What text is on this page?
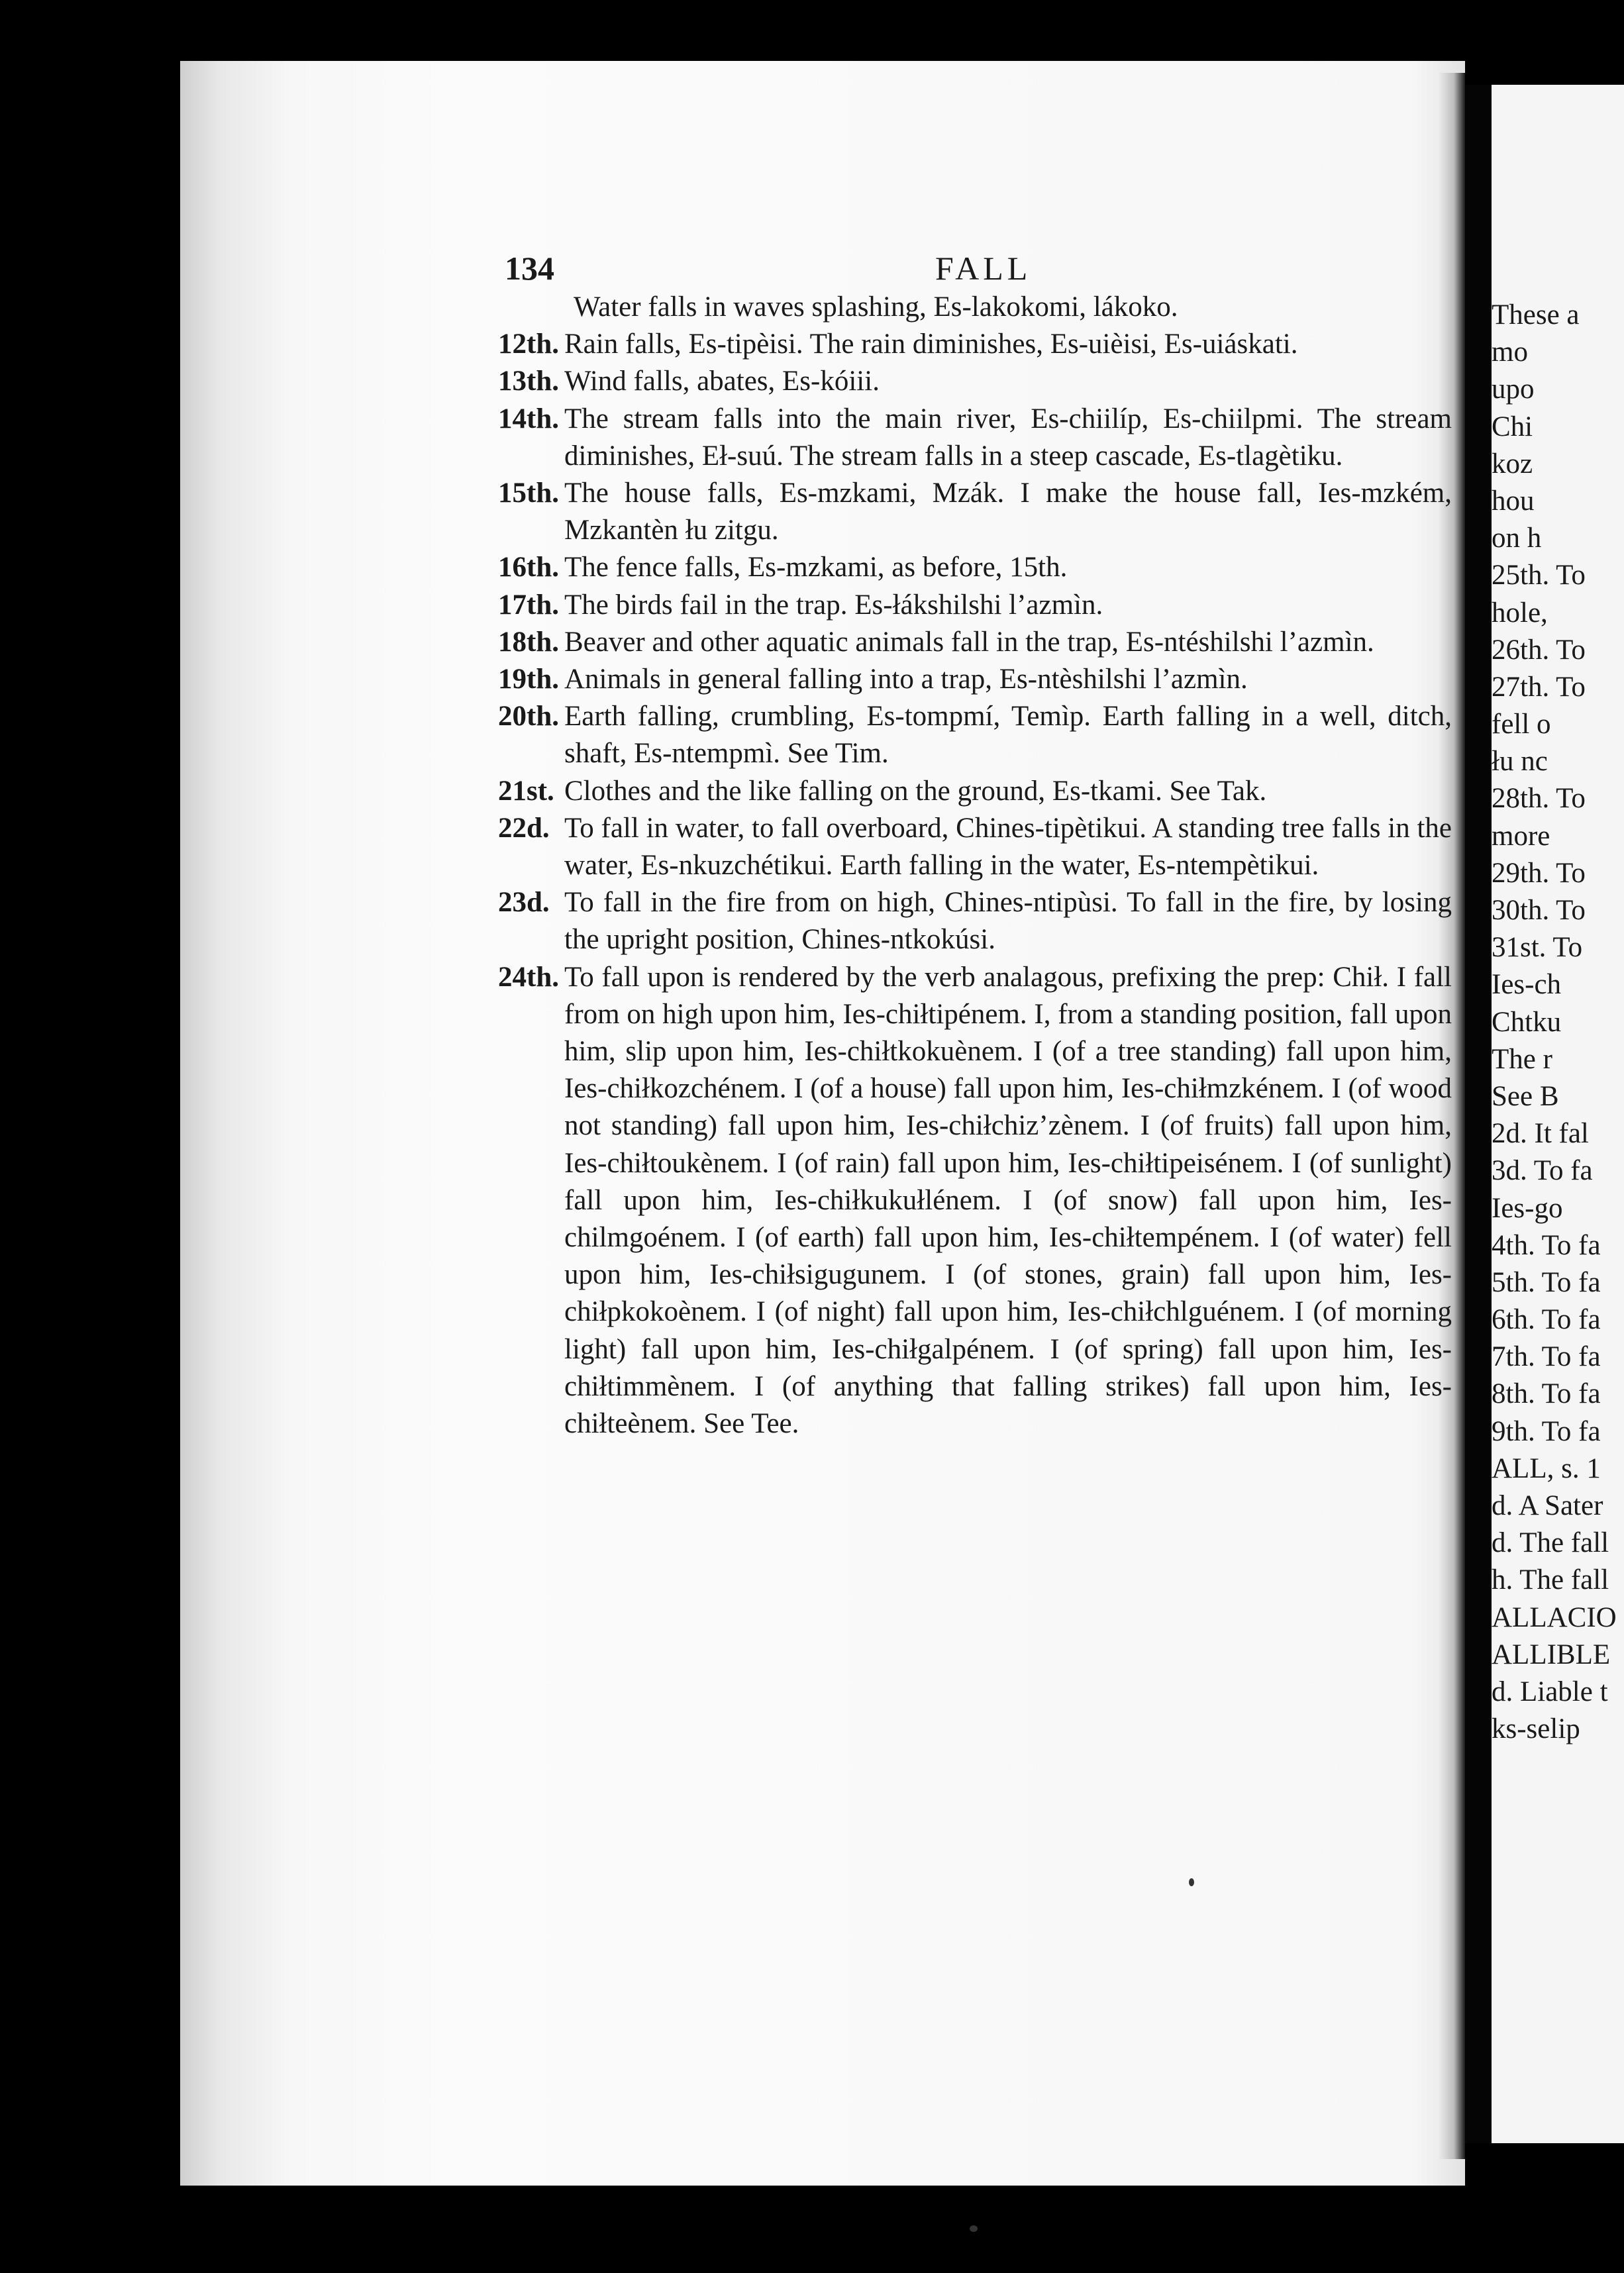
These a
mo
upo
Chi
koz
hou
on h
25th. To
hole,
26th. To
27th. To
fell o
łu nc
28th. To
more
29th. To
30th. To
31st. To
Ies-ch
Chtku
The r
See B
2d. It fal
3d. To fa
Ies-go
4th. To fa
5th. To fa
6th. To fa
7th. To fa
8th. To fa
9th. To fa
ALL, s. 1
d. A Sater
d. The fall
h. The fall
ALLACIO
ALLIBLE
d. Liable t
ks-selip
134	FALL
Water falls in waves splashing, Es-lakokomi, lákoko.
12th. Rain falls, Es-tipèisi. The rain diminishes, Es-uièisi, Es-uiáskati.
13th. Wind falls, abates, Es-kóiii.
14th. The stream falls into the main river, Es-chiilíp, Es-chiilpmi. The stream diminishes, Eł-suú. The stream falls in a steep cascade, Es-tlagètiku.
15th. The house falls, Es-mzkami, Mzák. I make the house fall, Ies-mzkém, Mzkantèn łu zitgu.
16th. The fence falls, Es-mzkami, as before, 15th.
17th. The birds fail in the trap. Es-łákshilshi l’azmìn.
18th. Beaver and other aquatic animals fall in the trap, Es-ntéshilshi l’azmìn.
19th. Animals in general falling into a trap, Es-ntèshilshi l’azmìn.
20th. Earth falling, crumbling, Es-tompmí, Temìp. Earth falling in a well, ditch, shaft, Es-ntempmì. See Tim.
21st. Clothes and the like falling on the ground, Es-tkami. See Tak.
22d. To fall in water, to fall overboard, Chines-tipètikui. A standing tree falls in the water, Es-nkuzchétikui. Earth falling in the water, Es-ntempètikui.
23d. To fall in the fire from on high, Chines-ntipùsi. To fall in the fire, by losing the upright position, Chines-ntkokúsi.
24th. To fall upon is rendered by the verb analagous, prefixing the prep: Chił. I fall from on high upon him, Ies-chiłtipénem. I, from a standing position, fall upon him, slip upon him, Ies-chiłtkokuènem. I (of a tree standing) fall upon him, Ies-chiłkozchénem. I (of a house) fall upon him, Ies-chiłmzkénem. I (of wood not standing) fall upon him, Ies-chiłchiz’zènem. I (of fruits) fall upon him, Ies-chiłtoukènem. I (of rain) fall upon him, Ies-chiłtipeisénem. I (of sunlight) fall upon him, Ies-chiłkukułlénem. I (of snow) fall upon him, Ies-chilmgoénem. I (of earth) fall upon him, Ies-chiłtempénem. I (of water) fell upon him, Ies-chiłsigugunem. I (of stones, grain) fall upon him, Ies-chiłpkokoènem. I (of night) fall upon him, Ies-chiłchlguénem. I (of morning light) fall upon him, Ies-chiłgalpénem. I (of spring) fall upon him, Ies-chiłtimmènem. I (of anything that falling strikes) fall upon him, Ies-chiłteènem. See Tee.
